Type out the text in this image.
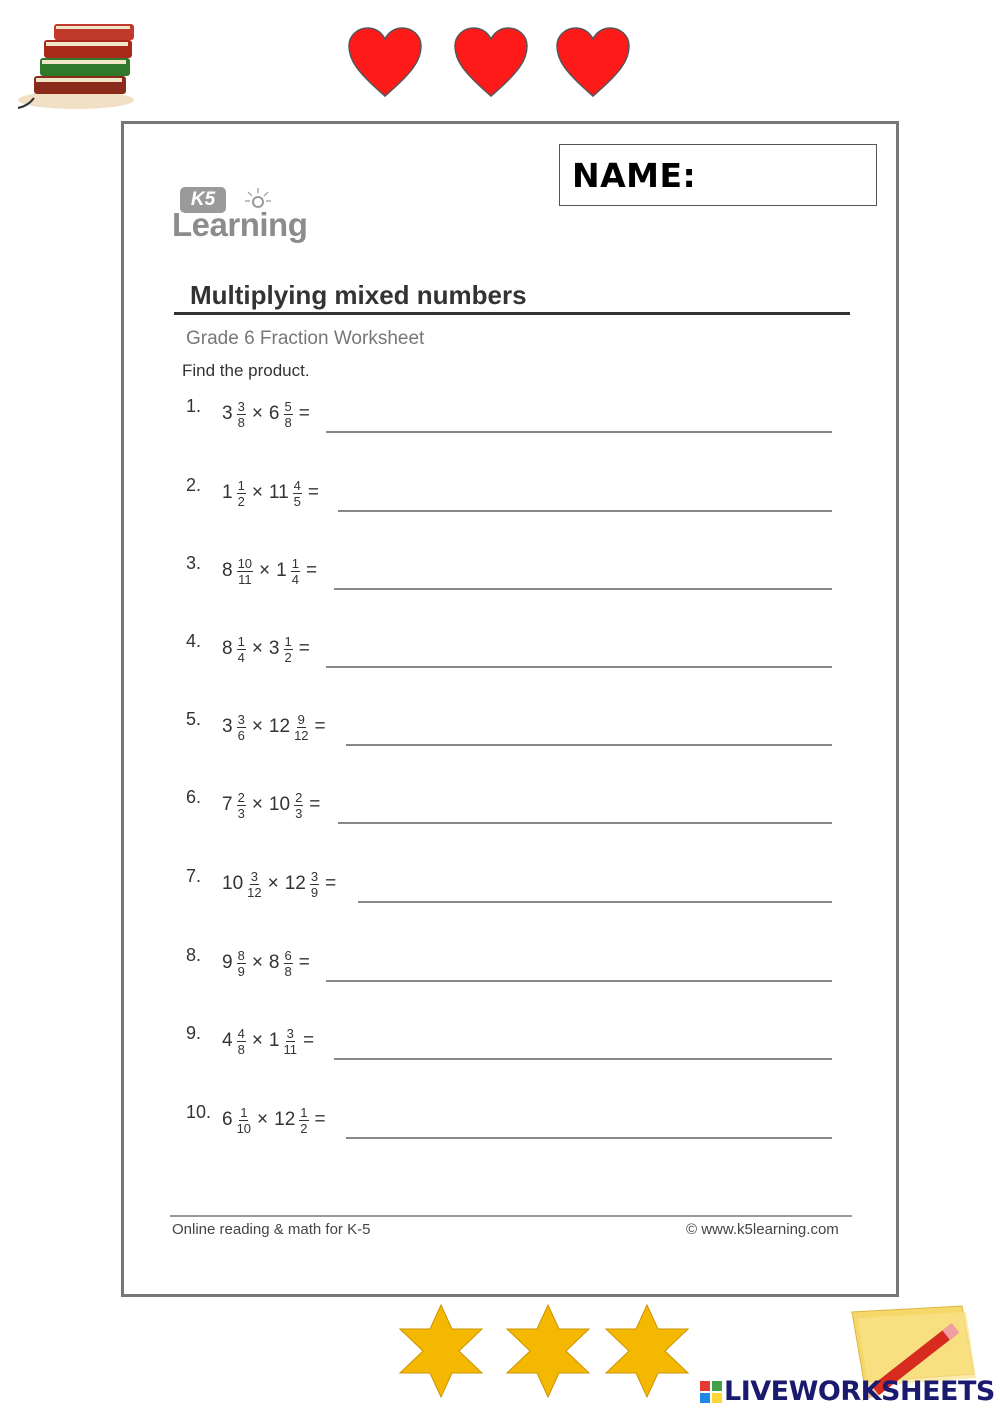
NAME:
K5
Learning
Multiplying mixed numbers
Grade 6 Fraction Worksheet
Find the product.
1.	$3 \frac{3}{8} \times 6 \frac{5}{8}$ =
2.	$1 \frac{1}{2} \times 11 \frac{4}{5}$ =
3.	$8 \frac{10}{11} \times 1 \frac{1}{4}$ =
4.	$8 \frac{1}{4} \times 3 \frac{1}{2}$ =
5.	$3 \frac{3}{6} \times 12 \frac{9}{12}$ =
6.	$7 \frac{2}{3} \times 10 \frac{2}{3}$ =
7.	$10 \frac{3}{12} \times 12 \frac{3}{9}$ =
8.	$9 \frac{8}{9} \times 8 \frac{6}{8}$ =
9.	$4 \frac{4}{8} \times 1 \frac{3}{11}$ =
10. $6 \frac{1}{10} \times 12 \frac{1}{2}$ =
Online reading & math for K-5	© www.k5learning.com
LIVEWORKSHEETS
